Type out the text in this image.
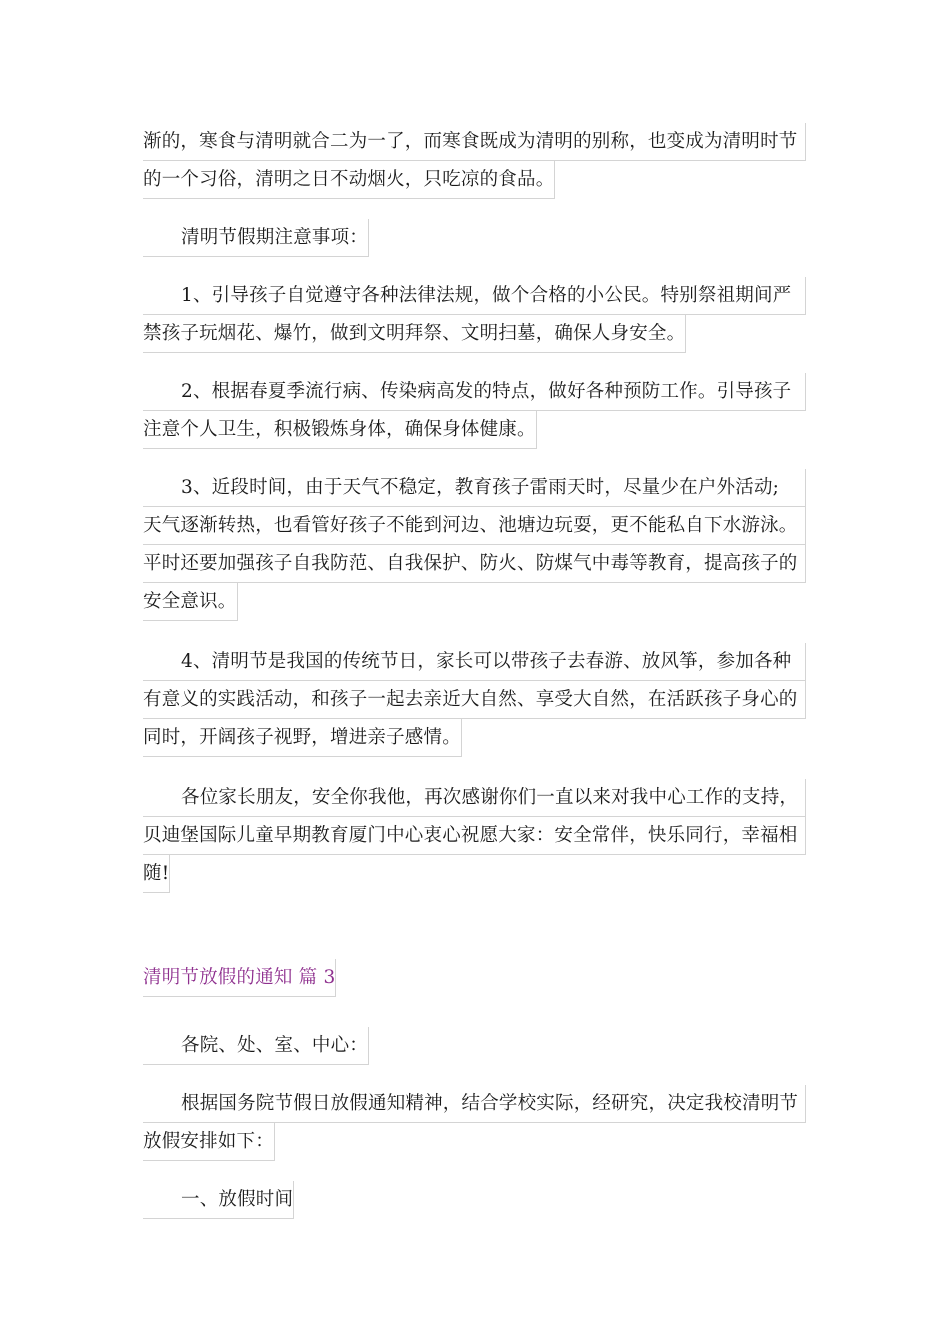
渐的，寒食与清明就合二为一了，而寒食既成为清明的别称，也变成为清明时节
的一个习俗，清明之日不动烟火，只吃凉的食品。
清明节假期注意事项：
1、引导孩子自觉遵守各种法律法规，做个合格的小公民。特别祭祖期间严
禁孩子玩烟花、爆竹，做到文明拜祭、文明扫墓，确保人身安全。
2、根据春夏季流行病、传染病高发的特点，做好各种预防工作。引导孩子
注意个人卫生，积极锻炼身体，确保身体健康。
3、近段时间，由于天气不稳定，教育孩子雷雨天时，尽量少在户外活动;
天气逐渐转热，也看管好孩子不能到河边、池塘边玩耍，更不能私自下水游泳。
平时还要加强孩子自我防范、自我保护、防火、防煤气中毒等教育，提高孩子的
安全意识。
4、清明节是我国的传统节日，家长可以带孩子去春游、放风筝，参加各种
有意义的实践活动，和孩子一起去亲近大自然、享受大自然，在活跃孩子身心的
同时，开阔孩子视野，增进亲子感情。
各位家长朋友，安全你我他，再次感谢你们一直以来对我中心工作的支持，
贝迪堡国际儿童早期教育厦门中心衷心祝愿大家：安全常伴，快乐同行，幸福相
随!
清明节放假的通知 篇 3
各院、处、室、中心：
根据国务院节假日放假通知精神，结合学校实际，经研究，决定我校清明节
放假安排如下：
一、放假时间
